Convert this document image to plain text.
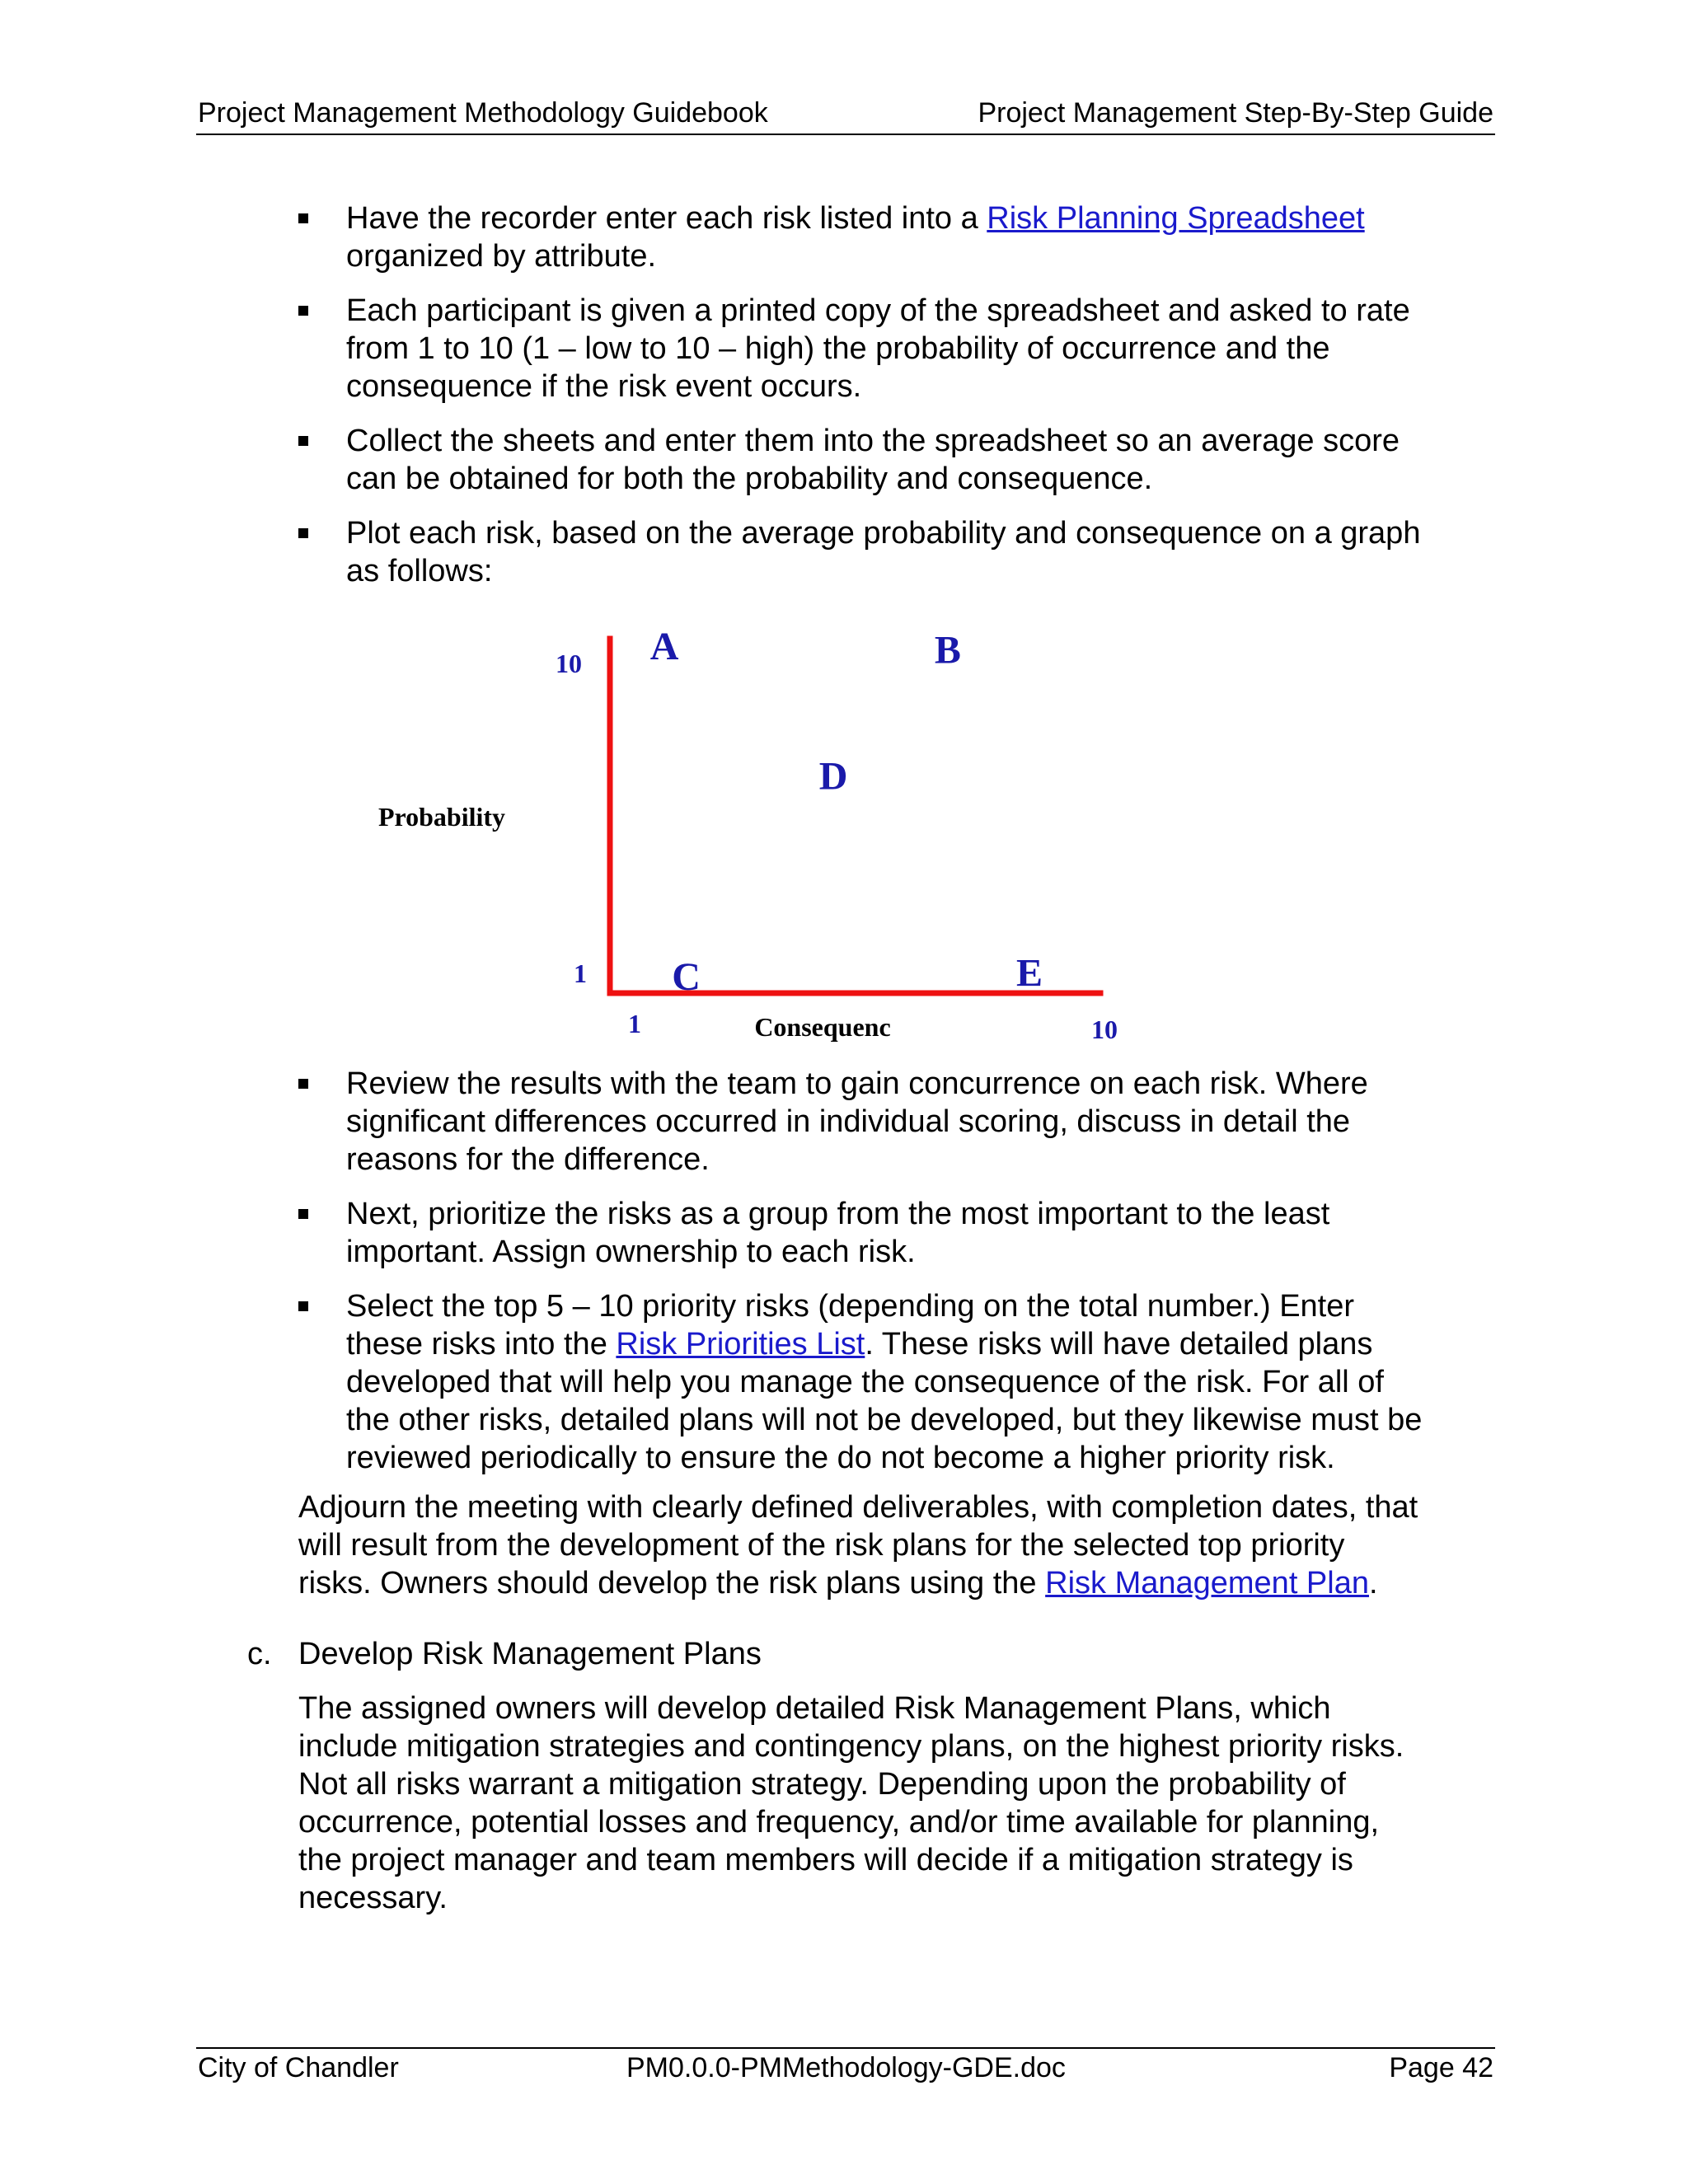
Project Management Methodology Guidebook	Project Management Step-By-Step Guide
Have the recorder enter each risk listed into a Risk Planning Spreadsheet
organized by attribute.
Each participant is given a printed copy of the spreadsheet and asked to rate
from 1 to 10 (1 – low to 10 – high) the probability of occurrence and the
consequence if the risk event occurs.
Collect the sheets and enter them into the spreadsheet so an average score
can be obtained for both the probability and consequence.
Plot each risk, based on the average probability and consequence on a graph
as follows:
10
1
1	10
Probability
Consequenc
A	B
D
C	E
Review the results with the team to gain concurrence on each risk. Where
significant differences occurred in individual scoring, discuss in detail the
reasons for the difference.
Next, prioritize the risks as a group from the most important to the least
important. Assign ownership to each risk.
Select the top 5 – 10 priority risks (depending on the total number.) Enter
these risks into the Risk Priorities List. These risks will have detailed plans
developed that will help you manage the consequence of the risk. For all of
the other risks, detailed plans will not be developed, but they likewise must be
reviewed periodically to ensure the do not become a higher priority risk.
Adjourn the meeting with clearly defined deliverables, with completion dates, that
will result from the development of the risk plans for the selected top priority
risks. Owners should develop the risk plans using the Risk Management Plan.
c. Develop Risk Management Plans
The assigned owners will develop detailed Risk Management Plans, which
include mitigation strategies and contingency plans, on the highest priority risks.
Not all risks warrant a mitigation strategy. Depending upon the probability of
occurrence, potential losses and frequency, and/or time available for planning,
the project manager and team members will decide if a mitigation strategy is
necessary.
City of Chandler	PM0.0.0-PMMethodology-GDE.doc	Page 42
